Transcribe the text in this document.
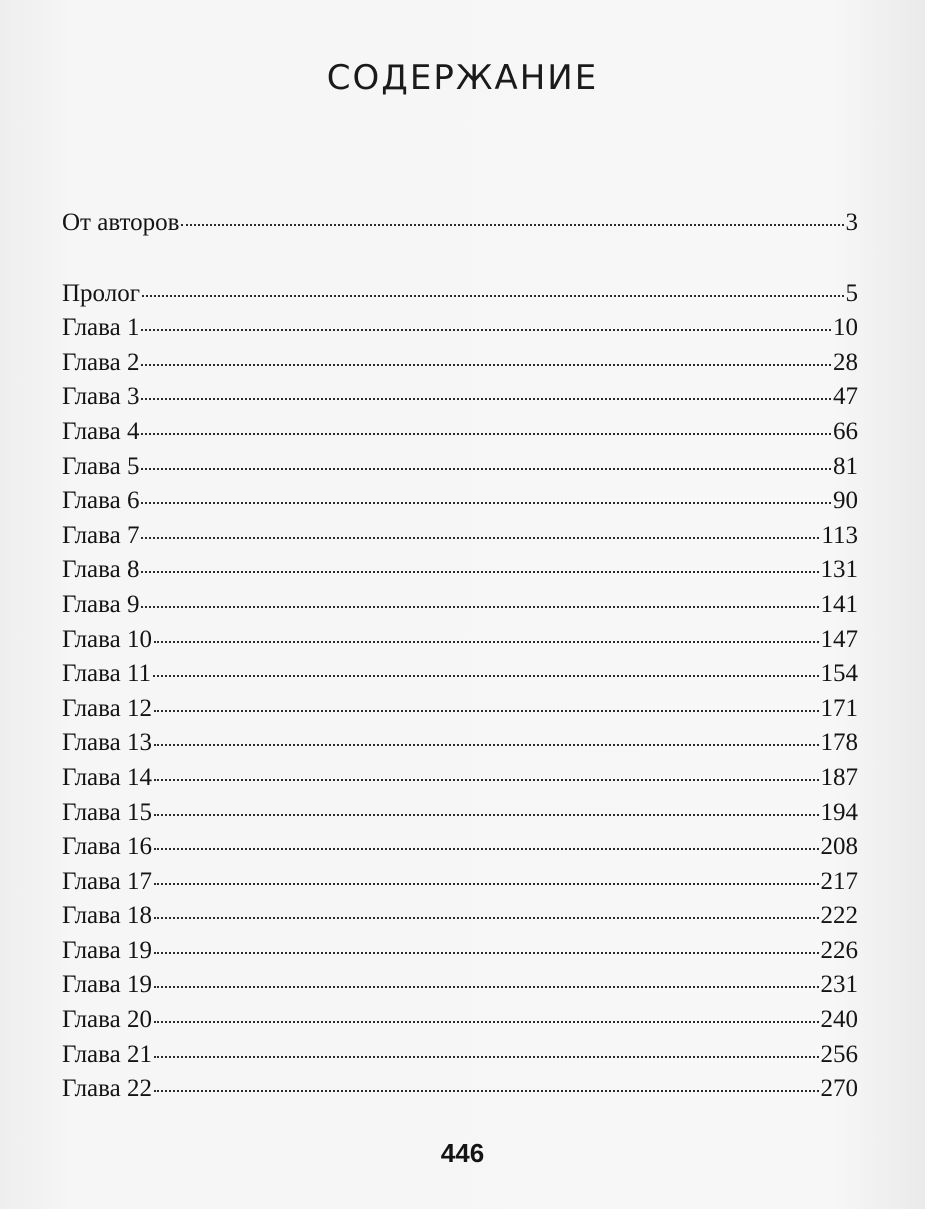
СОДЕРЖАНИЕ
От авторов	3
Пролог	5
Глава 1	10
Глава 2	28
Глава 3	47
Глава 4	66
Глава 5	81
Глава 6	90
Глава 7	113
Глава 8	131
Глава 9	141
Глава 10	147
Глава 11	154
Глава 12	171
Глава 13	178
Глава 14	187
Глава 15	194
Глава 16	208
Глава 17	217
Глава 18	222
Глава 19	226
Глава 19	231
Глава 20	240
Глава 21	256
Глава 22	270
446
